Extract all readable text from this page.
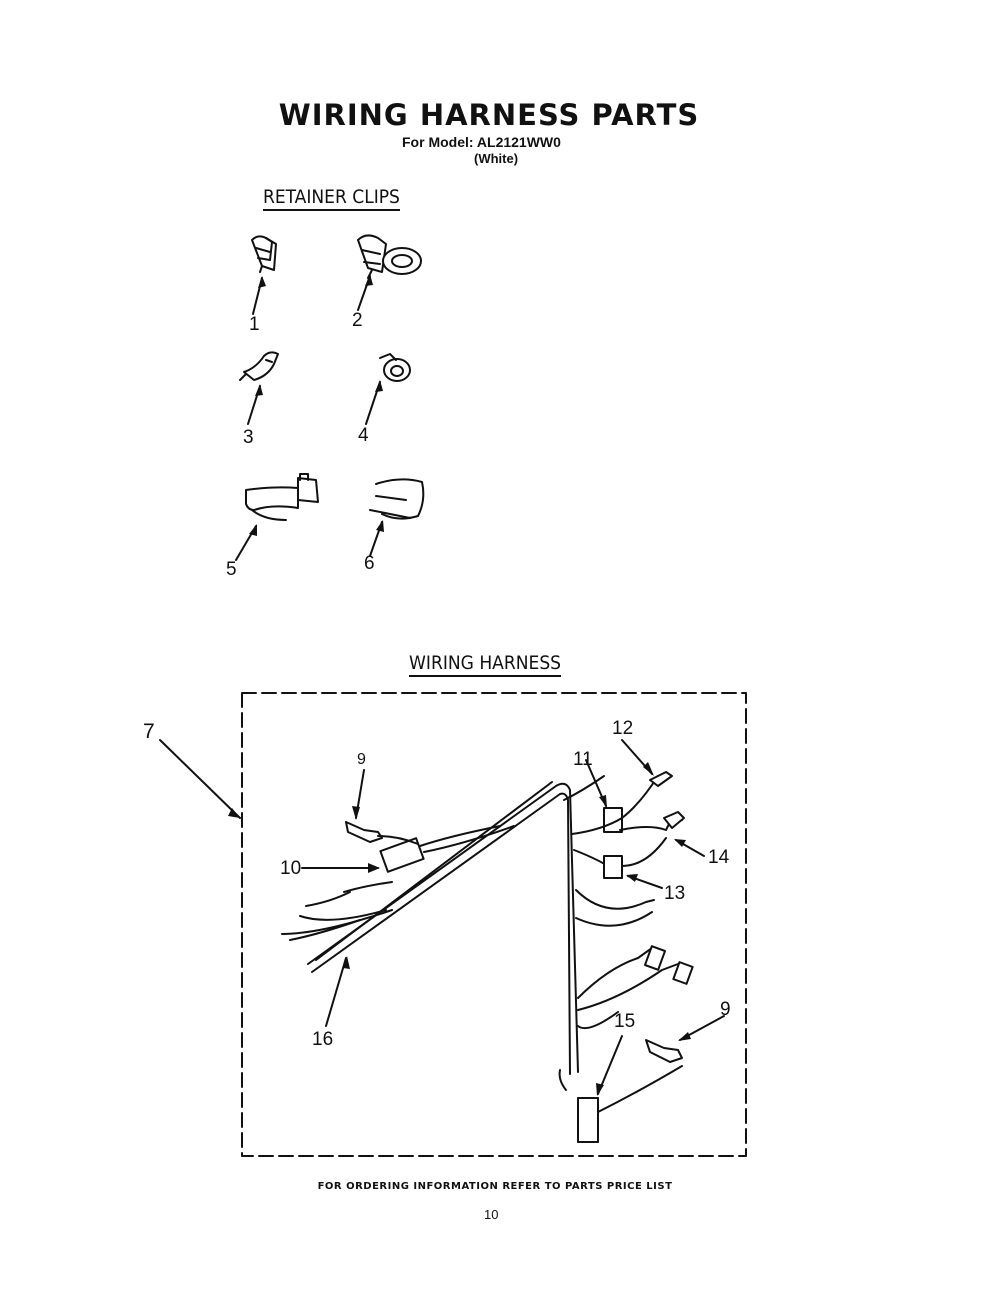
WIRING HARNESS PARTS
For Model: AL2121WW0
(White)
RETAINER CLIPS
WIRING HARNESS
1	2
3	4
5	6
7
9
10
11
12
13
14
15
16
9
FOR ORDERING INFORMATION REFER TO PARTS PRICE LIST
10
